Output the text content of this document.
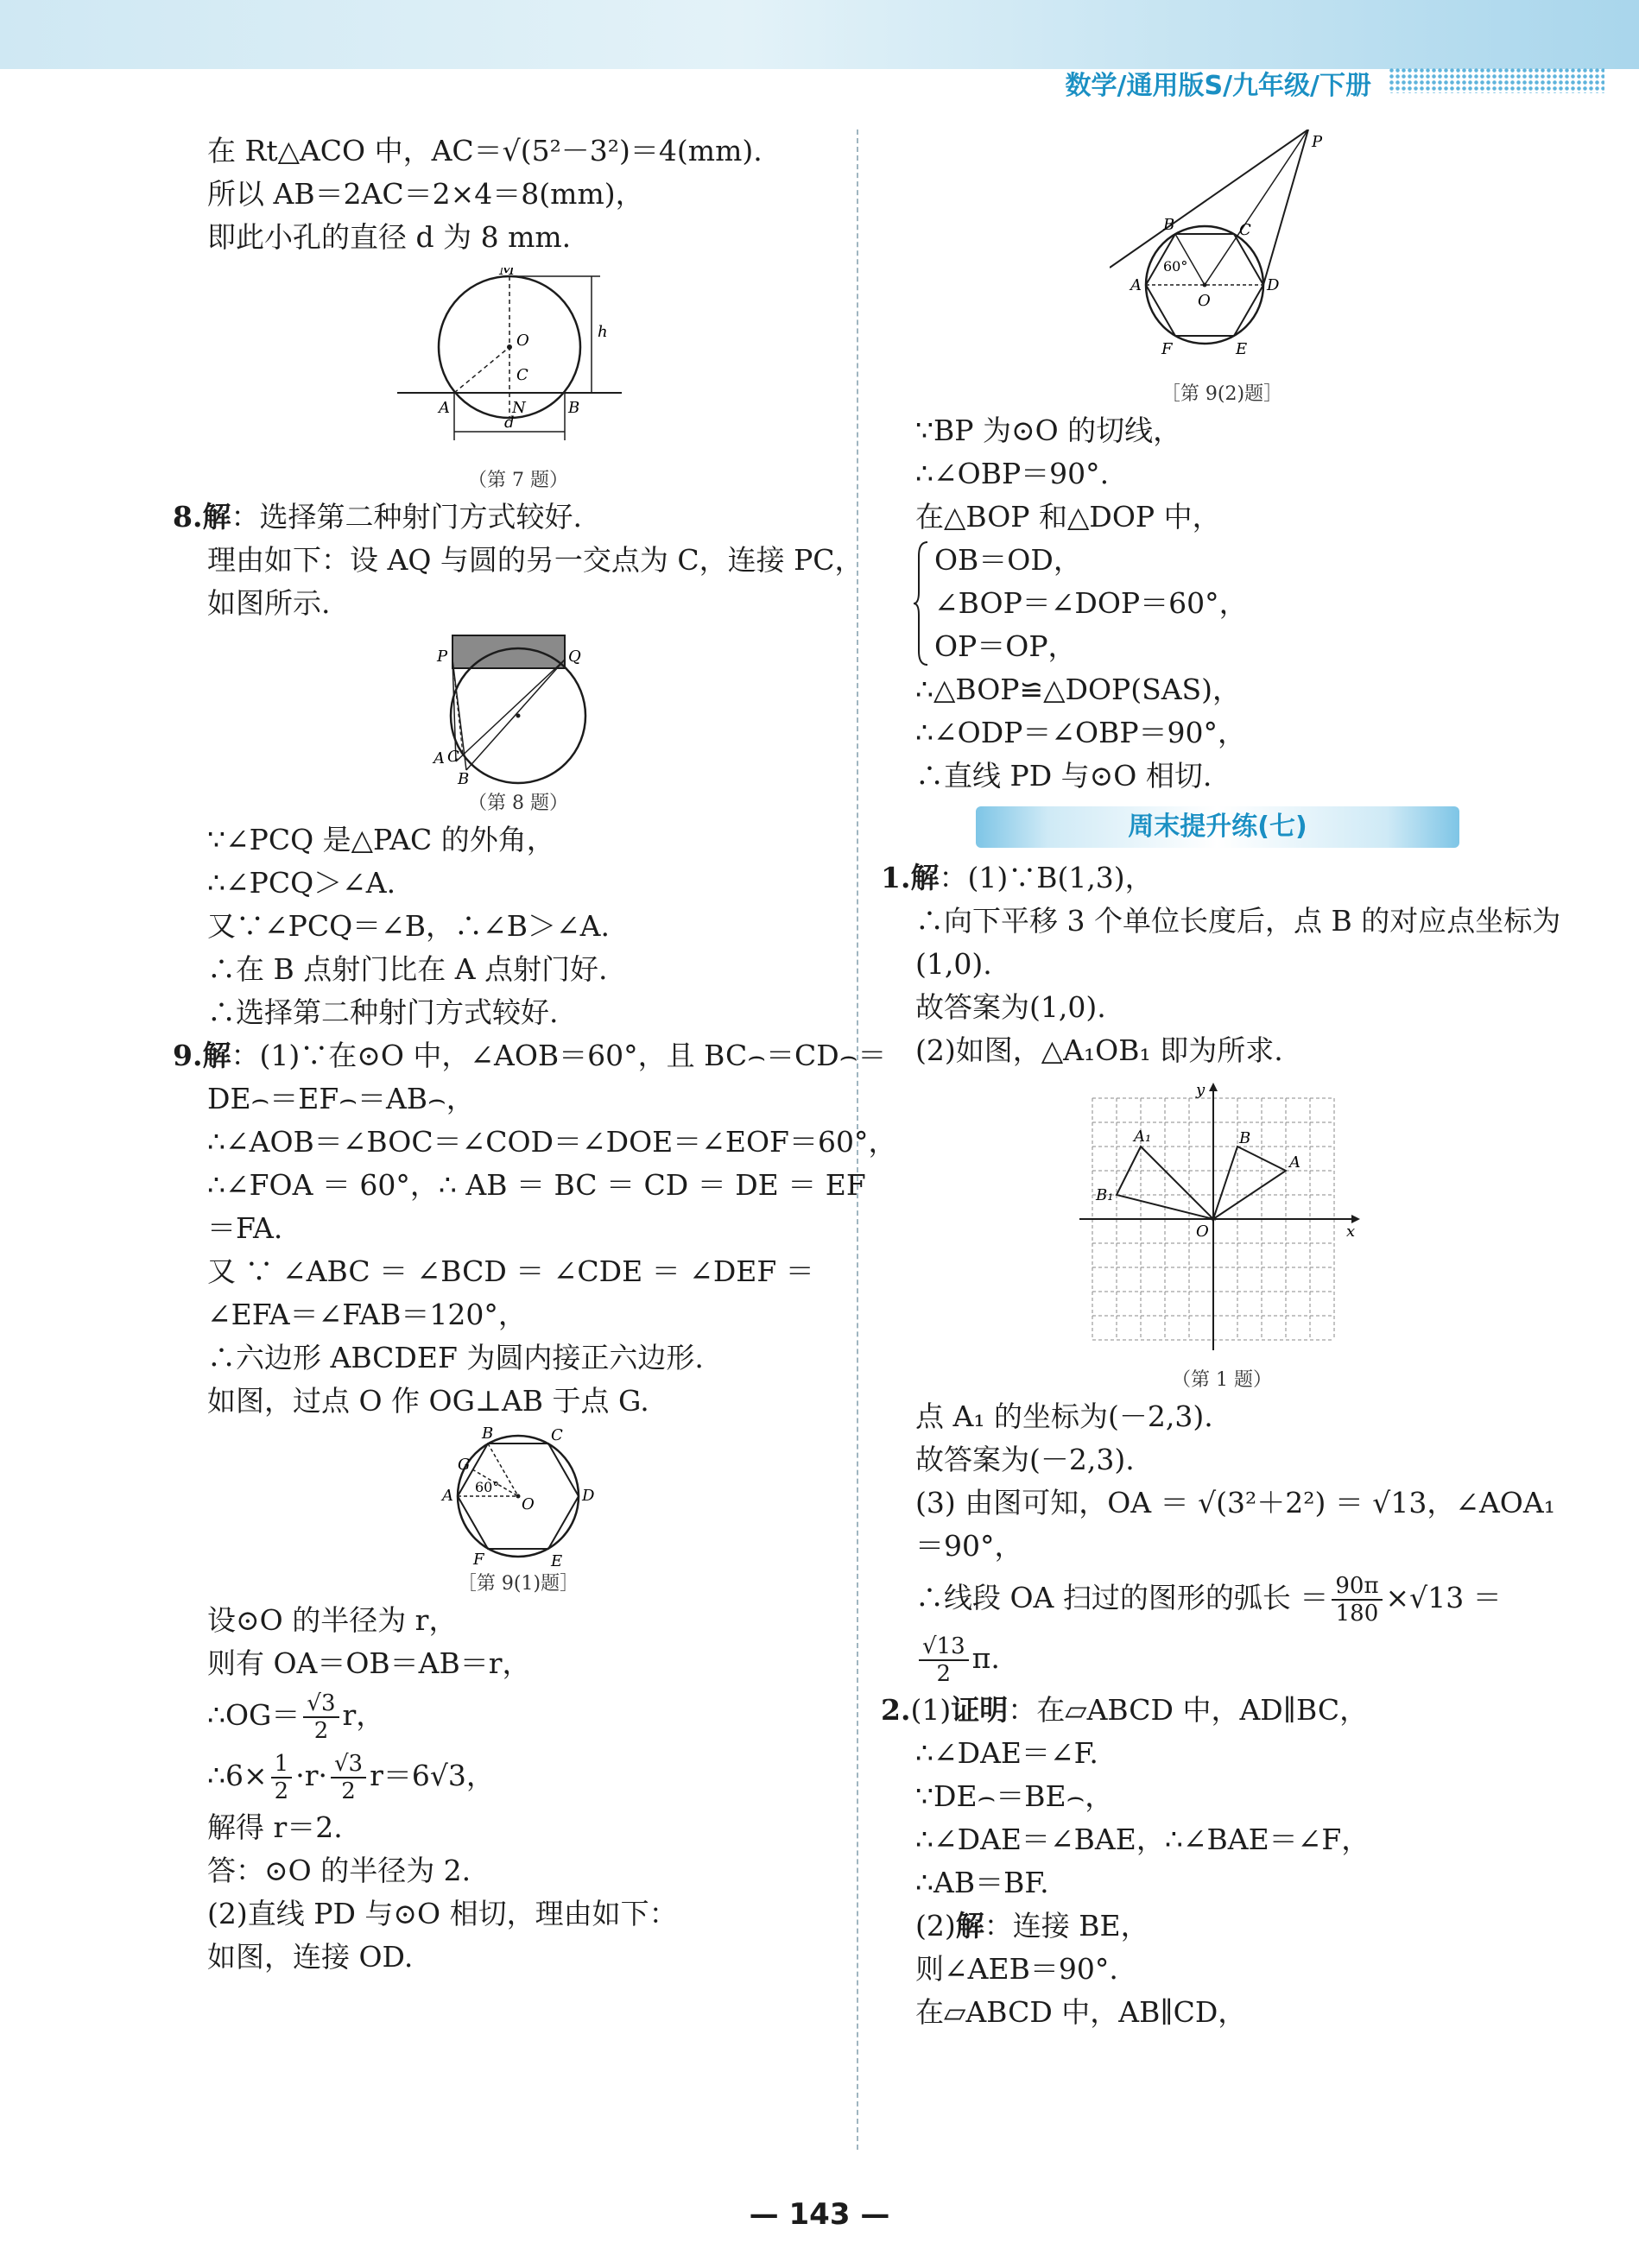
数学/通用版S/九年级/下册
在 Rt△ACO 中，AC＝√(5²－3²)＝4(mm).
所以 AB＝2AC＝2×4＝8(mm)，
即此小孔的直径 d 为 8 mm.
M
O
C
N
A	B
h
d
（第 7 题）
8.解：选择第二种射门方式较好.
理由如下：设 AQ 与圆的另一交点为 C，连接 PC，
如图所示.
P	Q
A C
B
（第 8 题）
∵∠PCQ 是△PAC 的外角，
∴∠PCQ＞∠A.
又∵∠PCQ＝∠B，∴∠B＞∠A.
∴在 B 点射门比在 A 点射门好.
∴选择第二种射门方式较好.
9.解：(1)∵在⊙O 中，∠AOB＝60°，且 BC⌢＝CD⌢＝
DE⌢＝EF⌢＝AB⌢，
∴∠AOB＝∠BOC＝∠COD＝∠DOE＝∠EOF＝60°，
∴∠FOA ＝ 60°，∴ AB ＝ BC ＝ CD ＝ DE ＝ EF
＝FA.
又 ∵ ∠ABC ＝ ∠BCD ＝ ∠CDE ＝ ∠DEF ＝
∠EFA＝∠FAB＝120°，
∴六边形 ABCDEF 为圆内接正六边形.
如图，过点 O 作 OG⊥AB 于点 G.
B	C
G
A	O	D
F	E
60°
［第 9(1)题］
设⊙O 的半径为 r，
则有 OA＝OB＝AB＝r，
∴OG＝ $\frac{√3}{2}$ r，
∴6× $\frac{1}{2} \cdot r\cdot \frac{√3}{2} r=6√3$，
解得 r＝2.
答：⊙O 的半径为 2.
(2)直线 PD 与⊙O 相切，理由如下：
如图，连接 OD.
P
B	C
A
O
D
F	E
60°
［第 9(2)题］
∵BP 为⊙O 的切线，
∴∠OBP＝90°.
在△BOP 和△DOP 中，
OB＝OD，
∠BOP＝∠DOP＝60°，
OP＝OP，
∴△BOP≌△DOP(SAS)，
∴∠ODP＝∠OBP＝90°，
∴直线 PD 与⊙O 相切.
周末提升练(七)
1.解：(1)∵B(1,3)，
∴向下平移 3 个单位长度后，点 B 的对应点坐标为
(1,0).
故答案为(1,0).
(2)如图，△A₁OB₁ 即为所求.
x
y
O
A
B
A₁
B₁
（第 1 题）
点 A₁ 的坐标为(－2,3).
故答案为(－2,3).
(3) 由图可知，OA ＝ √(3²＋2²) ＝ √13，∠AOA₁
＝90°，
∴线段 OA 扫过的图形的弧长 ＝ $\frac{90\pi}{180} \times√13$ ＝
$\frac{√13}{2} \pi$.
2.(1)证明：在▱ABCD 中，AD∥BC，
∴∠DAE＝∠F.
∵DE⌢＝BE⌢，
∴∠DAE＝∠BAE，∴∠BAE＝∠F，
∴AB＝BF.
(2)解：连接 BE，
则∠AEB＝90°.
在▱ABCD 中，AB∥CD，
— 143 —
